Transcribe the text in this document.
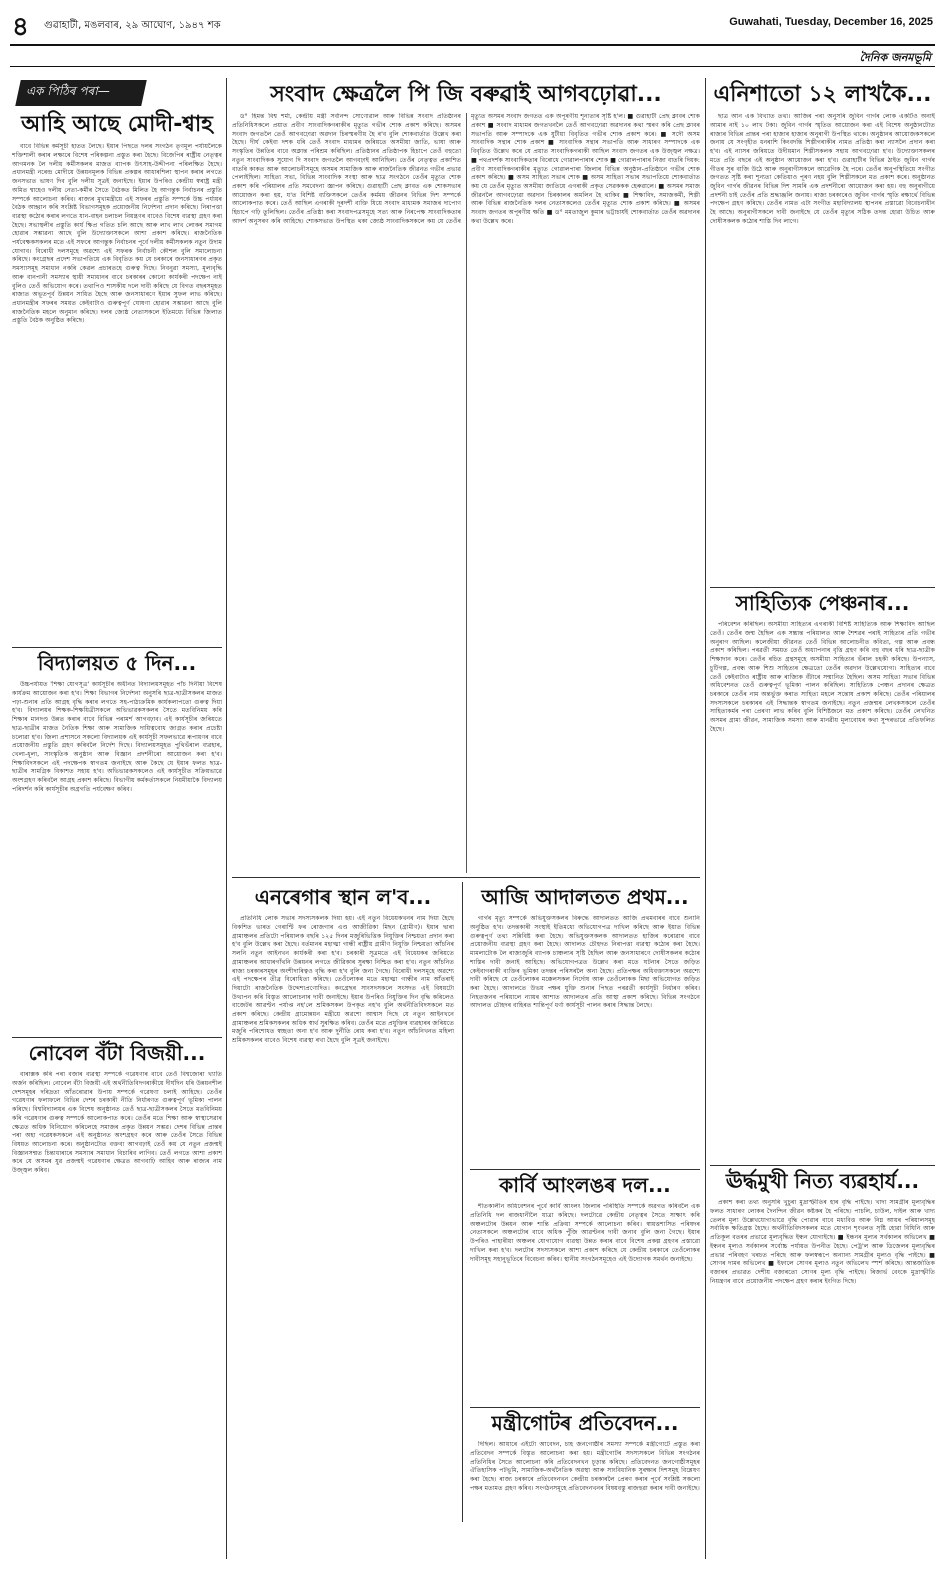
৪ গুৱাহাটী, মঙলবাৰ, ২৯ আঘোণ, ১৯৪৭ শক	Guwahati, Tuesday, December 16, 2025
দৈনিক জনমভূমি
এক পিঠিৰ পৰা—
আহি আছে মোদী-শ্বাহ

বাবে বিভিন্ন কৰ্মসূচী হাতত লৈছে। ইয়াৰ পিছতে দলৰ সংগঠন তৃণমূল পৰ্যায়লৈকে শক্তিশালী কৰাৰ লক্ষ্যৰে বিশেষ পৰিকল্পনা প্ৰস্তুত কৰা হৈছে। বিজেপিৰ ৰাষ্ট্ৰীয় নেতৃত্বৰ আগমনক লৈ দলীয় কৰ্মীসকলৰ মাজত ব্যাপক উৎসাহ-উদ্দীপনা পৰিলক্ষিত হৈছে। প্ৰধানমন্ত্ৰী নৰেন্দ্ৰ মোদীয়ে উন্নয়নমূলক বিভিন্ন প্ৰকল্পৰ আধাৰশিলা স্থাপন কৰাৰ লগতে জনসভাত ভাষণ দিব বুলি দলীয় সূত্ৰই জনাইছে। ইয়াৰ উপৰিও কেন্দ্ৰীয় স্বৰাষ্ট্ৰ মন্ত্ৰী অমিত শ্বাহেও দলীয় নেতা-কৰ্মীৰ সৈতে বৈঠকত মিলিত হৈ আগন্তুক নিৰ্বাচনৰ প্ৰস্তুতি সম্পৰ্কে আলোচনা কৰিব। ৰাজ্যৰ মুখ্যমন্ত্ৰীয়ে এই সফৰৰ প্ৰস্তুতি সম্পৰ্কে উচ্চ পৰ্যায়ৰ বৈঠক আহ্বান কৰি সংশ্লিষ্ট বিভাগসমূহক প্ৰয়োজনীয় নিৰ্দেশনা প্ৰদান কৰিছে। নিৰাপত্তা ব্যৱস্থা কঠোৰ কৰাৰ লগতে যান-বাহন চলাচল নিয়ন্ত্ৰণৰ বাবেও বিশেষ ব্যৱস্থা গ্ৰহণ কৰা হৈছে। সভাস্থলীৰ প্ৰস্তুতি কাৰ্য ক্ষিপ্ৰ গতিত চলি আছে আৰু লাখ লাখ লোকৰ সমাগম হোৱাৰ সম্ভাৱনা আছে বুলি উদ্যোক্তাসকলে আশা প্ৰকাশ কৰিছে। ৰাজনৈতিক পৰ্যবেক্ষকসকলৰ মতে এই সফৰে আগন্তুক নিৰ্বাচনৰ পূৰ্বে দলীয় কৰ্মীসকলক নতুন উদ্যম যোগাব। বিৰোধী দলসমূহে অৱশ্যে এই সফৰক নিৰ্বাচনী কৌশল বুলি সমালোচনা কৰিছে। কংগ্ৰেছৰ প্ৰদেশ সভাপতিয়ে এক বিবৃতিত কয় যে চৰকাৰে জনসাধাৰণৰ প্ৰকৃত সমস্যাসমূহ সমাধান নকৰি কেৱল প্ৰচাৰতহে গুৰুত্ব দিছে। নিবনুৱা সমস্যা, মূল্যবৃদ্ধি আৰু বানপানী সমস্যাৰ স্থায়ী সমাধানৰ বাবে চৰকাৰৰ কোনো কাৰ্যকৰী পদক্ষেপ নাই বুলিও তেওঁ অভিযোগ কৰে। তথাপিও শাসকীয় দলে দাবী কৰিছে যে বিগত বছৰসমূহত ৰাজ্যত অভূতপূৰ্ব উন্নয়ন সাধিত হৈছে আৰু জনসাধাৰণে ইয়াৰ সুফল লাভ কৰিছে। প্ৰধানমন্ত্ৰীৰ সফৰৰ সময়ত কেইবাটাও গুৰুত্বপূৰ্ণ ঘোষণা হোৱাৰ সম্ভাৱনা আছে বুলি ৰাজনৈতিক মহলে অনুমান কৰিছে। দলৰ জ্যেষ্ঠ নেতাসকলে ইতিমধ্যে বিভিন্ন জিলাত প্ৰস্তুতি বৈঠক অনুষ্ঠিত কৰিছে।

বিদ্যালয়ত ৫ দিন...

উচ্চপৰ্যায়ত 'শিক্ষা যোগসূত্ৰ' কাৰ্যসূচীৰ অধীনত বিদ্যালয়সমূহত পাঁচ দিনীয়া বিশেষ কাৰ্যক্ৰম আয়োজন কৰা হ'ব। শিক্ষা বিভাগৰ নিৰ্দেশনা অনুসৰি ছাত্ৰ-ছাত্ৰীসকলৰ মাজত পঢ়া-শুনাৰ প্ৰতি আগ্ৰহ বৃদ্ধি কৰাৰ লগতে সহ-পাঠ্যক্ৰমিক কাৰ্যকলাপতো গুৰুত্ব দিয়া হ'ব। বিদ্যালয়ৰ শিক্ষক-শিক্ষয়িত্ৰীসকলে অভিভাৱকসকলৰ সৈতে মতবিনিময় কৰি শিক্ষাৰ মানদণ্ড উন্নত কৰাৰ বাবে বিভিন্ন পৰামৰ্শ আগবঢ়াব। এই কাৰ্যসূচীৰ জৰিয়তে ছাত্ৰ-ছাত্ৰীৰ মাজত নৈতিক শিক্ষা আৰু সামাজিক দায়িত্ববোধ জাগ্ৰত কৰাৰ প্ৰচেষ্টা চলোৱা হ'ব। জিলা প্ৰশাসনে সকলো বিদ্যালয়ক এই কাৰ্যসূচী সফলভাৱে ৰূপায়ণৰ বাবে প্ৰয়োজনীয় প্ৰস্তুতি গ্ৰহণ কৰিবলৈ নিৰ্দেশ দিছে। বিদ্যালয়সমূহত পুথিভঁৰাল ব্যৱহাৰ, খেলা-ধূলা, সাংস্কৃতিক অনুষ্ঠান আৰু বিজ্ঞান প্ৰদৰ্শনীৰো আয়োজন কৰা হ'ব। শিক্ষাবিদসকলে এই পদক্ষেপক স্বাগতম জনাইছে আৰু কৈছে যে ইয়াৰ ফলত ছাত্ৰ-ছাত্ৰীৰ সামগ্ৰিক বিকাশত সহায় হ'ব। অভিভাৱকসকলেও এই কাৰ্যসূচীত সক্ৰিয়ভাৱে অংশগ্ৰহণ কৰিবলৈ আগ্ৰহ প্ৰকাশ কৰিছে। বিভাগীয় কৰ্মকৰ্তাসকলে নিয়মীয়াকৈ বিদ্যালয় পৰিদৰ্শন কৰি কাৰ্যসূচীৰ অগ্ৰগতি পৰ্যবেক্ষণ কৰিব।

নোবেল বঁটা বিজয়ী...

বাৰাক্সক কৰি পৰা বজাৰ ব্যৱস্থা সম্পৰ্কে গৱেষণাৰ বাবে তেওঁ বিশ্বজোৰা খ্যাতি অৰ্জন কৰিছিল। নোবেল বঁটা বিজয়ী এই অৰ্থনীতিবিদগৰাকীয়ে দীৰ্ঘদিন ধৰি উন্নয়নশীল দেশসমূহৰ দৰিদ্ৰতা আঁতৰোৱাৰ উপায় সম্পৰ্কে গৱেষণা চলাই আহিছে। তেওঁৰ গৱেষণাৰ ফলাফলে বিভিন্ন দেশৰ চৰকাৰী নীতি নিৰ্ধাৰণত গুৰুত্বপূৰ্ণ ভূমিকা পালন কৰিছে। বিশ্ববিদ্যালয়ৰ এক বিশেষ অনুষ্ঠানত তেওঁ ছাত্ৰ-ছাত্ৰীসকলৰ সৈতে মতবিনিময় কৰি গৱেষণাৰ গুৰুত্ব সম্পৰ্কে আলোকপাত কৰে। তেওঁৰ মতে শিক্ষা আৰু স্বাস্থ্যসেৱাৰ ক্ষেত্ৰত অধিক বিনিয়োগ কৰিলেহে সমাজৰ প্ৰকৃত উন্নয়ন সম্ভৱ। দেশৰ বিভিন্ন প্ৰান্তৰ পৰা অহা গৱেষকসকলে এই অনুষ্ঠানত অংশগ্ৰহণ কৰে আৰু তেওঁৰ সৈতে বিভিন্ন বিষয়ত আলোচনা কৰে। অনুষ্ঠানটোত বক্তব্য আগবঢ়াই তেওঁ কয় যে নতুন প্ৰজন্মই বিজ্ঞানসন্মত চিন্তাধাৰাৰে সমস্যাৰ সমাধান বিচাৰিব লাগিব। তেওঁ লগতে আশা প্ৰকাশ কৰে যে অসমৰ যুৱ প্ৰজন্মই গৱেষণাৰ ক্ষেত্ৰত আগবাঢ়ি আহিব আৰু ৰাজ্যৰ নাম উজ্জ্বল কৰিব।

সংবাদ ক্ষেত্ৰলৈ পি জি বৰুৱাই আগবঢ়োৱা...

ড° হিমন্ত বিশ্ব শৰ্মা, কেন্দ্ৰীয় মন্ত্ৰী সৰ্বানন্দ সোণোৱাল আৰু বিভিন্ন সংবাদ প্ৰতিষ্ঠানৰ প্ৰতিনিধিসকলে প্ৰয়াত প্ৰবীণ সাংবাদিকগৰাকীৰ মৃত্যুত গভীৰ শোক প্ৰকাশ কৰিছে। অসমৰ সংবাদ জগতলৈ তেওঁ আগবঢ়োৱা অৱদান চিৰস্মৰণীয় হৈ ৰ'ব বুলি শোকবাৰ্তাত উল্লেখ কৰা হৈছে। দীৰ্ঘ কেইবা দশক ধৰি তেওঁ সংবাদ মাধ্যমৰ জৰিয়তে অসমীয়া জাতি, ভাষা আৰু সংস্কৃতিৰ উন্নতিৰ বাবে অক্লান্ত পৰিশ্ৰম কৰিছিল। প্ৰতিষ্ঠানৰ প্ৰতিষ্ঠাপক হিচাপে তেওঁ বহুতো নতুন সাংবাদিকক সুযোগ দি সংবাদ জগতলৈ আগবঢ়াই আনিছিল। তেওঁৰ নেতৃত্বত প্ৰকাশিত বাতৰি কাকত আৰু আলোচনীসমূহে অসমৰ সামাজিক আৰু ৰাজনৈতিক জীৱনত গভীৰ প্ৰভাৱ পেলাইছিল। সাহিত্য সভা, বিভিন্ন সাংবাদিক সংস্থা আৰু ছাত্ৰ সংগঠনে তেওঁৰ মৃত্যুত শোক প্ৰকাশ কৰি পৰিয়ালৰ প্ৰতি সমবেদনা জ্ঞাপন কৰিছে। গুৱাহাটী প্ৰেছ ক্লাবত এক শোকসভাৰ আয়োজন কৰা হয়, য'ত বিশিষ্ট ব্যক্তিসকলে তেওঁৰ কৰ্মময় জীৱনৰ বিভিন্ন দিশ সম্পৰ্কে আলোকপাত কৰে। তেওঁ আছিল এগৰাকী দূৰদৰ্শী ব্যক্তি যিয়ে সংবাদ মাধ্যমক সমাজৰ দাপোণ হিচাপে গঢ়ি তুলিছিল। তেওঁৰ প্ৰতিষ্ঠা কৰা সংবাদপত্ৰসমূহে সত্য আৰু নিৰপেক্ষ সাংবাদিকতাৰ আদৰ্শ অনুসৰণ কৰি আহিছে। শোকসভাত উপস্থিত থকা জ্যেষ্ঠ সাংবাদিকসকলে কয় যে তেওঁৰ মৃত্যুত অসমৰ সংবাদ জগতত এক অপূৰণীয় শূন্যতাৰ সৃষ্টি হ'ল। ■ গুৱাহাটী প্ৰেছ ক্লাবৰ শোক প্ৰকাশ ■ সংবাদ মাধ্যমৰ জগতখনলৈ তেওঁ আগবঢ়োৱা অৱদানৰ কথা স্মৰণ কৰি প্ৰেছ ক্লাবৰ সভাপতি আৰু সম্পাদকে এক যুটীয়া বিবৃতিত গভীৰ শোক প্ৰকাশ কৰে। ■ সদৌ অসম সাংবাদিক সন্থাৰ শোক প্ৰকাশ ■ সাংবাদিক সন্থাৰ সভাপতি আৰু সাধাৰণ সম্পাদকে এক বিবৃতিত উল্লেখ কৰে যে প্ৰয়াত সাংবাদিকগৰাকী আছিল সংবাদ জগতৰ এক উজ্জ্বল নক্ষত্ৰ। ■ পথপ্ৰদৰ্শক সাংবাদিকতাৰ বিৰোধে গোৱালপাৰাৰ শোক ■ গোৱালপাৰাৰ নিজা বাতৰি দিয়ক: প্ৰবীণ সাংবাদিকগৰাকীৰ মৃত্যুত গোৱালপাৰা জিলাৰ বিভিন্ন অনুষ্ঠান-প্ৰতিষ্ঠানে গভীৰ শোক প্ৰকাশ কৰিছে। ■ অসম সাহিত্য সভাৰ শোক ■ অসম সাহিত্য সভাৰ সভাপতিয়ে শোকবাৰ্তাত কয় যে তেওঁৰ মৃত্যুত অসমীয়া জাতিয়ে এগৰাকী প্ৰকৃত সেৱককক হেৰুৱালে। ■ অসমৰ সমাজ জীৱনলৈ আগবঢ়োৱা অৱদান চিৰকালৰ অমলিন হৈ থাকিব ■ শিক্ষাবিদ, সমাজকৰ্মী, শিল্পী আৰু বিভিন্ন ৰাজনৈতিক দলৰ নেতাসকলেও তেওঁৰ মৃত্যুত শোক প্ৰকাশ কৰিছে। ■ অসমৰ সংবাদ জগতৰ অপূৰণীয় ক্ষতি ■ ড° মমতাজুল কুমাৰ ভট্টাচাৰ্যই শোকবাৰ্তাত তেওঁৰ অৱদানৰ কথা উল্লেখ কৰে।

এনৰেগাৰ স্থান ল'ব...

প্ৰতিনিধি লোক সভাৰ সদস্যসকলক দিয়া হয়। এই নতুন বিধেয়কখনৰ নাম দিয়া হৈছে বিকশিত ভাৰত গেৰাণ্টি ফৰ ৰোজগাৰ এণ্ড আজীৱিকা মিছন (গ্ৰামীণ)। ইয়াৰ দ্বাৰা গ্ৰামাঞ্চলৰ প্ৰতিটো পৰিয়ালক বছৰি ১২৫ দিনৰ মজুৰিভিত্তিক নিযুক্তিৰ নিশ্চয়তা প্ৰদান কৰা হ'ব বুলি উল্লেখ কৰা হৈছে। বৰ্তমানৰ মহাত্মা গান্ধী ৰাষ্ট্ৰীয় গ্ৰামীণ নিযুক্তি নিশ্চয়তা আঁচনিৰ সলনি নতুন আইনখন কাৰ্যকৰী কৰা হ'ব। চৰকাৰী সূত্ৰমতে এই বিধেয়কৰ জৰিয়তে গ্ৰামাঞ্চলৰ আধাৰগাঁথনি উন্নয়নৰ লগতে জীৱিকাৰ সুৰক্ষা নিশ্চিত কৰা হ'ব। নতুন আঁচনিত ৰাজ্য চৰকাৰসমূহৰ অংশীদাৰিত্বও বৃদ্ধি কৰা হ'ব বুলি জনা গৈছে। বিৰোধী দলসমূহে অৱশ্যে এই পদক্ষেপৰ তীব্ৰ বিৰোধিতা কৰিছে। তেওঁলোকৰ মতে মহাত্মা গান্ধীৰ নাম আঁতৰাই দিয়াটো ৰাজনৈতিক উদ্দেশ্যপ্ৰণোদিত। কংগ্ৰেছৰ সাংসদসকলে সংসদত এই বিষয়টো উত্থাপন কৰি বিস্তৃত আলোচনাৰ দাবী জনাইছে। ইয়াৰ উপৰিও নিযুক্তিৰ দিন বৃদ্ধি কৰিলেও বাজেটৰ আৱণ্টন পৰ্যাপ্ত নহ'লে শ্ৰমিকসকল উপকৃত নহ'ব বুলি অৰ্থনীতিবিদসকলে মত প্ৰকাশ কৰিছে। কেন্দ্ৰীয় গ্ৰামোন্নয়ন মন্ত্ৰীয়ে অৱশ্যে আশ্বাস দিছে যে নতুন আইনখনে গ্ৰামাঞ্চলৰ শ্ৰমিকসকলৰ অধিক স্বাৰ্থ সুৰক্ষিত কৰিব। তেওঁৰ মতে প্ৰযুক্তিৰ ব্যৱহাৰৰ জৰিয়তে মজুৰি পৰিশোধত স্বচ্ছতা অনা হ'ব আৰু দুৰ্নীতি ৰোধ কৰা হ'ব। নতুন আঁচনিখনত মহিলা শ্ৰমিকসকলৰ বাবেও বিশেষ ব্যৱস্থা ৰখা হৈছে বুলি সূত্ৰই জনাইছে।

আজি আদালতত প্ৰথম...

গাৰ্গৰ মৃত্যু সম্পৰ্কে অভিযুক্তসকলৰ বিৰুদ্ধে আদালতত আজি প্ৰথমবাৰৰ বাবে শুনানি অনুষ্ঠিত হ'ব। তদন্তকাৰী সংস্থাই ইতিমধ্যে অভিযোগপত্ৰ দাখিল কৰিছে আৰু ইয়াত বিভিন্ন গুৰুত্বপূৰ্ণ তথ্য সন্নিবিষ্ট কৰা হৈছে। অভিযুক্তসকলক আদালতত হাজিৰ কৰোৱাৰ বাবে প্ৰয়োজনীয় ব্যৱস্থা গ্ৰহণ কৰা হৈছে। আদালত চৌহদত নিৰাপত্তা ব্যৱস্থা কঠোৰ কৰা হৈছে। মামলাটোক লৈ ৰাজ্যজুৰি ব্যাপক চাঞ্চল্যৰ সৃষ্টি হৈছিল আৰু জনসাধাৰণে দোষীসকলৰ কঠোৰ শাস্তিৰ দাবী জনাই আহিছে। অভিযোগপত্ৰত উল্লেখ কৰা মতে ঘটনাৰ সৈতে জড়িত কেইবাগৰাকী ব্যক্তিৰ ভূমিকা তদন্তৰ পৰিসৰলৈ অনা হৈছে। প্ৰতিপক্ষৰ অধিবক্তাসকলে অৱশ্যে দাবী কৰিছে যে তেওঁলোকৰ মক্কেলসকল নিৰ্দোষ আৰু তেওঁলোকক মিছা অভিযোগত জড়িত কৰা হৈছে। আদালতে উভয় পক্ষৰ যুক্তি শুনাৰ পিছত পৰৱৰ্তী কাৰ্যসূচী নিৰ্ধাৰণ কৰিব। নিহতজনৰ পৰিয়ালে ন্যায়ৰ আশাত আদালতৰ প্ৰতি আস্থা প্ৰকাশ কৰিছে। বিভিন্ন সংগঠনে আদালত চৌহদৰ বাহিৰত শান্তিপূৰ্ণ ধৰ্ণা কাৰ্যসূচী পালন কৰাৰ সিদ্ধান্ত লৈছে।

কাৰ্বি আংলঙৰ দল...

শীতকালীন অধিবেশনৰ পূৰ্বে কাৰ্বি আংলং জিলাৰ পৰিস্থিতি সম্পৰ্কে অৱগত কৰিবলৈ এক প্ৰতিনিধি দল ৰাজধানীলৈ যাত্ৰা কৰিছে। দলটোৱে কেন্দ্ৰীয় নেতৃত্বৰ সৈতে সাক্ষাৎ কৰি অঞ্চলটোৰ উন্নয়ন আৰু শান্তি প্ৰক্ৰিয়া সম্পৰ্কে আলোচনা কৰিব। স্বায়ত্তশাসিত পৰিষদৰ নেতাসকলে অঞ্চলটোৰ বাবে অধিক পুঁজি আৱণ্টনৰ দাবী জনাব বুলি জনা গৈছে। ইয়াৰ উপৰিও পাহাৰীয়া অঞ্চলৰ যোগাযোগ ব্যৱস্থা উন্নত কৰাৰ বাবে বিশেষ প্ৰকল্প গ্ৰহণৰ প্ৰস্তাৱো দাখিল কৰা হ'ব। দলটোৰ সদস্যসকলে আশা প্ৰকাশ কৰিছে যে কেন্দ্ৰীয় চৰকাৰে তেওঁলোকৰ দাবীসমূহ সহানুভূতিৰে বিবেচনা কৰিব। স্থানীয় সংগঠনসমূহেও এই উদ্যোগক সমৰ্থন জনাইছে।

মন্ত্ৰীগোটৰ প্ৰতিবেদন...

দিছিল। আয়াৰে এইটো আবেদন, চাহ জনগোষ্ঠীৰ সমস্যা সম্পৰ্কে মন্ত্ৰীগোটে প্ৰস্তুত কৰা প্ৰতিবেদন সম্পৰ্কে বিস্তৃত আলোচনা কৰা হয়। মন্ত্ৰীগোটৰ সদস্যসকলে বিভিন্ন সংগঠনৰ প্ৰতিনিধিৰ সৈতে আলোচনা কৰি প্ৰতিবেদনখন চূড়ান্ত কৰিছে। প্ৰতিবেদনত জনগোষ্ঠীসমূহৰ ঐতিহাসিক পটভূমি, সামাজিক-অৰ্থনৈতিক অৱস্থা আৰু সাংবিধানিক সুৰক্ষাৰ দিশসমূহ বিশ্লেষণ কৰা হৈছে। ৰাজ্য চৰকাৰে প্ৰতিবেদনখন কেন্দ্ৰীয় চৰকাৰলৈ প্ৰেৰণ কৰাৰ পূৰ্বে সংশ্লিষ্ট সকলো পক্ষৰ মতামত গ্ৰহণ কৰিব। সংগঠনসমূহে প্ৰতিবেদনখনৰ বিষয়বস্তু ৰাজহুৱা কৰাৰ দাবী জনাইছে।

এনিশাতো ১২ লাখকৈ...

ছাত্ৰ আন এক বিখ্যাত তথ্য। আজিৰ পৰা অনুসৰি জুবিন গাৰ্গৰ লোক একটিও অনাই আমাৰ নাই ১০ লাখ টকা। জুবিন গাৰ্গৰ স্মৃতিত আয়োজন কৰা এই বিশেষ অনুষ্ঠানটোত ৰাজ্যৰ বিভিন্ন প্ৰান্তৰ পৰা হাজাৰ হাজাৰ অনুৰাগী উপস্থিত থাকে। অনুষ্ঠানৰ আয়োজকসকলে জনায় যে সংগৃহীত ধনৰাশি কিংবদন্তি শিল্পীগৰাকীৰ নামত প্ৰতিষ্ঠা কৰা ন্যাসলৈ প্ৰদান কৰা হ'ব। এই ন্যাসৰ জৰিয়তে উদীয়মান শিল্পীসকলক সহায় আগবঢ়োৱা হ'ব। উদ্যোক্তাসকলৰ মতে প্ৰতি বছৰে এই অনুষ্ঠান আয়োজন কৰা হ'ব। গুৱাহাটীৰ বিভিন্ন ঠাইত জুবিন গাৰ্গৰ গীতৰ সুৰ বাজি উঠে আৰু অনুৰাগীসকলে আৱেগিক হৈ পৰে। তেওঁৰ অনুপস্থিতিয়ে সংগীত জগতত সৃষ্টি কৰা শূন্যতা কেতিয়াও পূৰণ নহয় বুলি শিল্পীসকলে মত প্ৰকাশ কৰে। অনুষ্ঠানত জুবিন গাৰ্গৰ জীৱনৰ বিভিন্ন দিশ সামৰি এক প্ৰদৰ্শনীৰো আয়োজন কৰা হয়। বহু অনুৰাগীয়ে প্ৰদৰ্শনী চাই তেওঁৰ প্ৰতি শ্ৰদ্ধাঞ্জলি জনায়। ৰাজ্য চৰকাৰেও জুবিন গাৰ্গৰ স্মৃতি ৰক্ষাৰ্থে বিভিন্ন পদক্ষেপ গ্ৰহণ কৰিছে। তেওঁৰ নামত এটা সংগীত মহাবিদ্যালয় স্থাপনৰ প্ৰস্তাৱো বিবেচনাধীন হৈ আছে। অনুৰাগীসকলে দাবী জনাইছে যে তেওঁৰ মৃত্যুৰ সঠিক তদন্ত হোৱা উচিত আৰু দোষীসকলক কঠোৰ শাস্তি দিব লাগে।

সাহিত্যিক পেঞ্চনাৰ...

পৰিবেশন কৰিছিল। অসমীয়া সাহিত্যৰ এগৰাকী বিশিষ্ট সাহিত্যিক আৰু শিক্ষাবিদ আছিল তেওঁ। তেওঁৰ জন্ম হৈছিল এক সম্ভ্ৰান্ত পৰিয়ালত আৰু শৈশৱৰ পৰাই সাহিত্যৰ প্ৰতি গভীৰ অনুৰাগ আছিল। কলেজীয়া জীৱনত তেওঁ বিভিন্ন আলোচনীত কবিতা, গল্প আৰু প্ৰবন্ধ প্ৰকাশ কৰিছিল। পৰৱৰ্তী সময়ত তেওঁ অধ্যাপনাৰ বৃত্তি গ্ৰহণ কৰি বহু বছৰ ধৰি ছাত্ৰ-ছাত্ৰীক শিক্ষাদান কৰে। তেওঁৰ ৰচিত গ্ৰন্থসমূহে অসমীয়া সাহিত্যৰ ভঁৰাল চহকী কৰিছে। উপন্যাস, চুটিগল্প, প্ৰবন্ধ আৰু শিশু সাহিত্যৰ ক্ষেত্ৰতো তেওঁৰ অৱদান উল্লেখযোগ্য। সাহিত্যৰ বাবে তেওঁ কেইবাটাও ৰাষ্ট্ৰীয় আৰু ৰাজ্যিক বঁটাৰে সন্মানিত হৈছিল। অসম সাহিত্য সভাৰ বিভিন্ন অধিবেশনত তেওঁ গুৰুত্বপূৰ্ণ ভূমিকা পালন কৰিছিল। সাহিত্যিক পেঞ্চন প্ৰদানৰ ক্ষেত্ৰত চৰকাৰে তেওঁৰ নাম অন্তৰ্ভুক্ত কৰাত সাহিত্য মহলে সন্তোষ প্ৰকাশ কৰিছে। তেওঁৰ পৰিয়ালৰ সদস্যসকলে চৰকাৰৰ এই সিদ্ধান্তক স্বাগতম জনাইছে। নতুন প্ৰজন্মৰ লেখকসকলে তেওঁৰ সাহিত্যকৰ্মৰ পৰা প্ৰেৰণা লাভ কৰিব বুলি বিশিষ্টজনে মত প্ৰকাশ কৰিছে। তেওঁৰ লেখনিত অসমৰ গ্ৰাম্য জীৱন, সামাজিক সমস্যা আৰু মানৱীয় মূল্যবোধৰ কথা সুন্দৰভাৱে প্ৰতিফলিত হৈছে।

ঊৰ্দ্ধমুখী নিত্য ব্যৱহাৰ্য...

প্ৰকাশ কৰা তথ্য অনুসৰি খুচুৰা মুদ্ৰাস্ফীতিৰ হাৰ বৃদ্ধি পাইছে। খাদ্য সামগ্ৰীৰ মূল্যবৃদ্ধিৰ ফলত সাধাৰণ লোকৰ দৈনন্দিন জীৱন কষ্টকৰ হৈ পৰিছে। পাচলি, চাউল, দাইল আৰু খাদ্য তেলৰ মূল্য উল্লেখযোগ্যভাৱে বৃদ্ধি পোৱাৰ বাবে মধ্যবিত্ত আৰু নিম্ন আয়ৰ পৰিয়ালসমূহ সৰ্বাধিক ক্ষতিগ্ৰস্ত হৈছে। অৰ্থনীতিবিদসকলৰ মতে যোগান শৃংখলত সৃষ্টি হোৱা বিঘিনি আৰু প্ৰতিকূল বতৰৰ প্ৰভাৱে মূল্যবৃদ্ধিত ইন্ধন যোগাইছে। ■ ইন্ধনৰ মূল্যৰ সৰ্বকালৰ অভিলেখ ■ ইন্ধনৰ মূল্যও সৰ্বকালৰ সৰ্বোচ্চ পৰ্যায়ত উপনীত হৈছে। পেট্ৰ'ল আৰু ডিজেলৰ মূল্যবৃদ্ধিৰ প্ৰভাৱ পৰিবহণ খৰচত পৰিছে আৰু ফলস্বৰূপে অন্যান্য সামগ্ৰীৰ মূল্যও বৃদ্ধি পাইছে। ■ সোণৰ দামৰ অভিলেখ ■ ইফালে সোণৰ মূল্যও নতুন অভিলেখ স্পৰ্শ কৰিছে। আন্তৰ্জাতিক বজাৰৰ প্ৰভাৱত দেশীয় বজাৰতো সোণৰ মূল্য বৃদ্ধি পাইছে। ৰিজাৰ্ভ বেংকে মুদ্ৰাস্ফীতি নিয়ন্ত্ৰণৰ বাবে প্ৰয়োজনীয় পদক্ষেপ গ্ৰহণ কৰাৰ ইংগিত দিছে।
